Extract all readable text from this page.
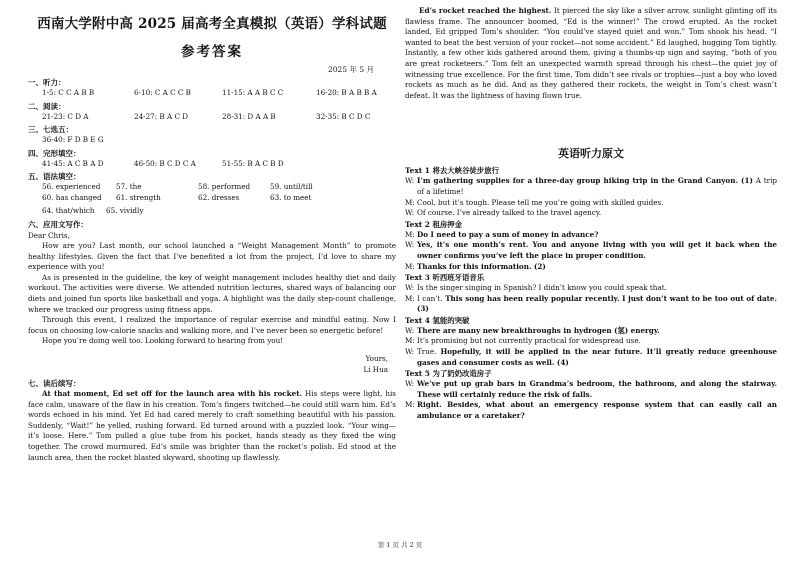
西南大学附中高 2025 届高考全真模拟（英语）学科试题
参考答案
2025 年 5 月
一、听力：
1-5: C C A B B	6-10: C A C C B	11-15: A A B C C	16-20: B A B B A
二、阅读：
21-23: C D A	24-27: B A C D	28-31: D A A B	32-35: B C D C
三、七选五：
36-40: F D B E G
四、完形填空：
41-45: A C B A D	46-50: B C D C A	51-55: B A C B D
五、语法填空：
56. experienced	57. the	58. performed	59. until/till
60. has changed	61. strength	62. dresses	63. to meet
64. that/which	65. vividly
六、应用文写作：

Dear Chris,

How are you? Last month, our school launched a “Weight Management Month” to promote healthy lifestyles. Given the fact that I’ve benefited a lot from the project, I’d love to share my experience with you!

As is presented in the guideline, the key of weight management includes healthy diet and daily workout. The activities were diverse. We attended nutrition lectures, shared ways of balancing our diets and joined fun sports like basketball and yoga. A highlight was the daily step-count challenge, where we tracked our progress using fitness apps.

Through this event, I realized the importance of regular exercise and mindful eating. Now I focus on choosing low-calorie snacks and walking more, and I’ve never been so energetic before!

Hope you’re doing well too. Looking forward to hearing from you!

Yours,
Li Hua
七、读后续写：

At that moment, Ed set off for the launch area with his rocket. His steps were light, his face calm, unaware of the flaw in his creation. Tom’s fingers twitched—he could still warn him. Ed’s words echoed in his mind. Yet Ed had cared merely to craft something beautiful with his passion. Suddenly, “Wait!” he yelled, rushing forward. Ed turned around with a puzzled look. “Your wing—it’s loose. Here.” Tom pulled a glue tube from his pocket, hands steady as they fixed the wing together. The crowd murmured. Ed’s smile was brighter than the rocket’s polish. Ed stood at the launch area, then the rocket blasted skyward, shooting up flawlessly.

Ed’s rocket reached the highest. It pierced the sky like a silver arrow, sunlight glinting off its flawless frame. The announcer boomed, “Ed is the winner!” The crowd erupted. As the rocket landed, Ed gripped Tom’s shoulder. “You could’ve stayed quiet and won.” Tom shook his head. “I wanted to beat the best version of your rocket—not some accident.” Ed laughed, hugging Tom tightly. Instantly, a few other kids gathered around them, giving a thumbs-up sign and saying, “both of you are great rocketeers.” Tom felt an unexpected warmth spread through his chest—the quiet joy of witnessing true excellence. For the first time, Tom didn’t see rivals or trophies—just a boy who loved rockets as much as he did. And as they gathered their rockets, the weight in Tom’s chest wasn’t defeat. It was the lightness of having flown true.

英语听力原文
Text 1 将去大峡谷徒步旅行
W: I’m gathering supplies for a three-day group hiking trip in the Grand Canyon. (1) A trip of a lifetime!
M: Cool, but it’s tough. Please tell me you’re going with skilled guides.
W: Of course. I’ve already talked to the travel agency.
Text 2 租房押金
M: Do I need to pay a sum of money in advance?
W: Yes, it’s one month’s rent. You and anyone living with you will get it back when the owner confirms you’ve left the place in proper condition.
M: Thanks for this information. (2)
Text 3 听西班牙语音乐
W: Is the singer singing in Spanish? I didn’t know you could speak that.
M: I can’t. This song has been really popular recently. I just don’t want to be too out of date. (3)
Text 4 氢能的突破
W: There are many new breakthroughs in hydrogen (氢) energy.
M: It’s promising but not currently practical for widespread use.
W: True. Hopefully, it will be applied in the near future. It’ll greatly reduce greenhouse gases and consumer costs as well. (4)
Text 5 为了奶奶改造房子
W: We’ve put up grab bars in Grandma’s bedroom, the bathroom, and along the stairway. These will certainly reduce the risk of falls.
M: Right. Besides, what about an emergency response system that can easily call an ambulance or a caretaker?
第 1 页 共 2 页
